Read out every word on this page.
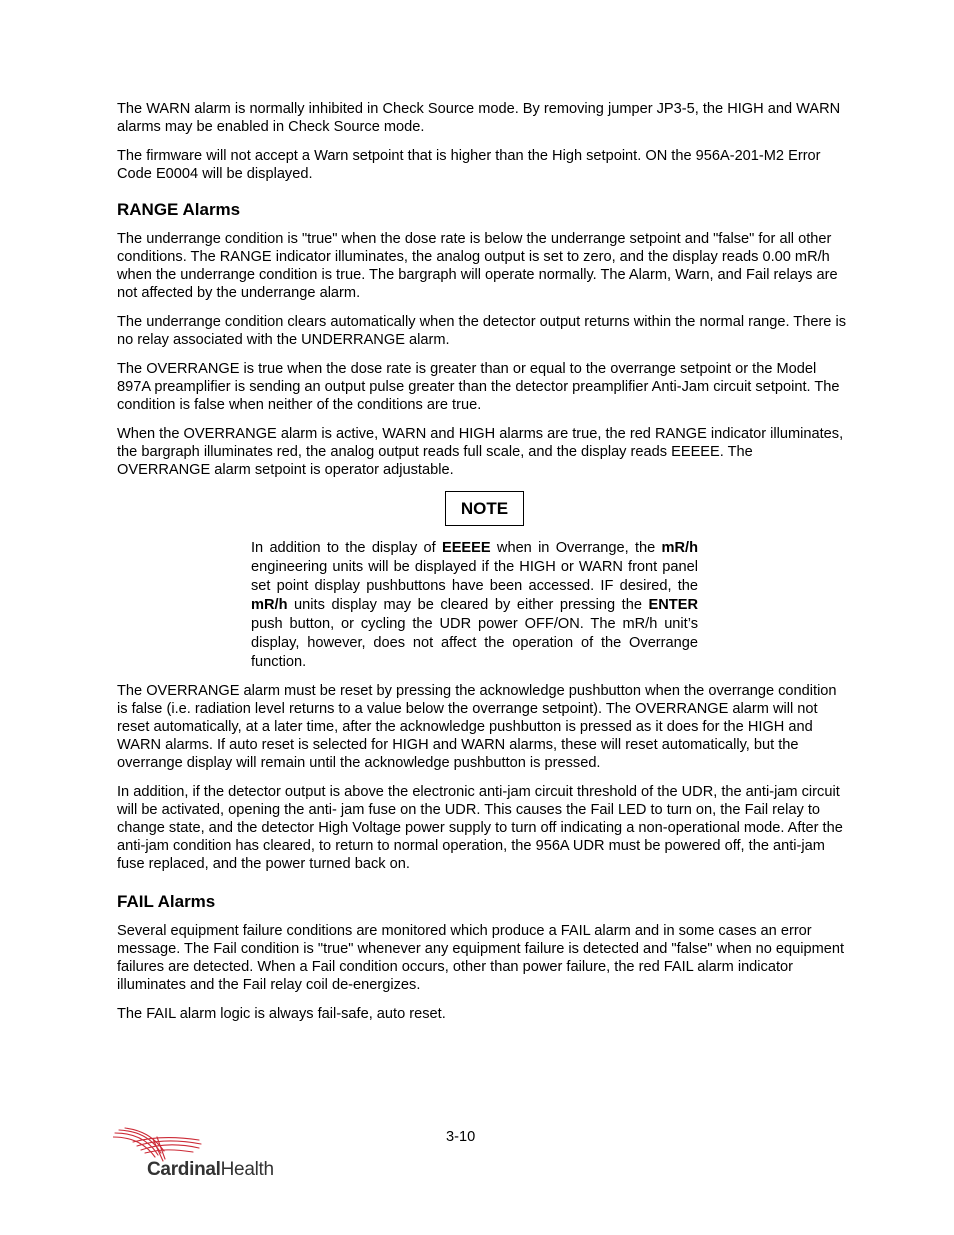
The WARN alarm is normally inhibited in Check Source mode. By removing jumper JP3-5, the HIGH and WARN alarms may be enabled in Check Source mode.

The firmware will not accept a Warn setpoint that is higher than the High setpoint. ON the 956A-201-M2 Error Code E0004 will be displayed.

RANGE Alarms

The underrange condition is "true" when the dose rate is below the underrange setpoint and "false" for all other conditions. The RANGE indicator illuminates, the analog output is set to zero, and the display reads 0.00 mR/h when the underrange condition is true. The bargraph will operate normally. The Alarm, Warn, and Fail relays are not affected by the underrange alarm.

The underrange condition clears automatically when the detector output returns within the normal range. There is no relay associated with the UNDERRANGE alarm.

The OVERRANGE is true when the dose rate is greater than or equal to the overrange setpoint or the Model 897A preamplifier is sending an output pulse greater than the detector preamplifier Anti-Jam circuit setpoint. The condition is false when neither of the conditions are true.

When the OVERRANGE alarm is active, WARN and HIGH alarms are true, the red RANGE indicator illuminates, the bargraph illuminates red, the analog output reads full scale, and the display reads EEEEE. The OVERRANGE alarm setpoint is operator adjustable.

NOTE

In addition to the display of EEEEE when in Overrange, the mR/h engineering units will be displayed if the HIGH or WARN front panel set point display pushbuttons have been accessed. IF desired, the mR/h units display may be cleared by either pressing the ENTER push button, or cycling the UDR power OFF/ON. The mR/h unit’s display, however, does not affect the operation of the Overrange function.

The OVERRANGE alarm must be reset by pressing the acknowledge pushbutton when the overrange condition is false (i.e. radiation level returns to a value below the overrange setpoint). The OVERRANGE alarm will not reset automatically, at a later time, after the acknowledge pushbutton is pressed as it does for the HIGH and WARN alarms. If auto reset is selected for HIGH and WARN alarms, these will reset automatically, but the overrange display will remain until the acknowledge pushbutton is pressed.

In addition, if the detector output is above the electronic anti-jam circuit threshold of the UDR, the anti-jam circuit will be activated, opening the anti- jam fuse on the UDR. This causes the Fail LED to turn on, the Fail relay to change state, and the detector High Voltage power supply to turn off indicating a non-operational mode. After the anti-jam condition has cleared, to return to normal operation, the 956A UDR must be powered off, the anti-jam fuse replaced, and the power turned back on.

FAIL Alarms

Several equipment failure conditions are monitored which produce a FAIL alarm and in some cases an error message. The Fail condition is "true" whenever any equipment failure is detected and "false" when no equipment failures are detected. When a Fail condition occurs, other than power failure, the red FAIL alarm indicator illuminates and the Fail relay coil de-energizes.

The FAIL alarm logic is always fail-safe, auto reset.

3-10
CardinalHealth
